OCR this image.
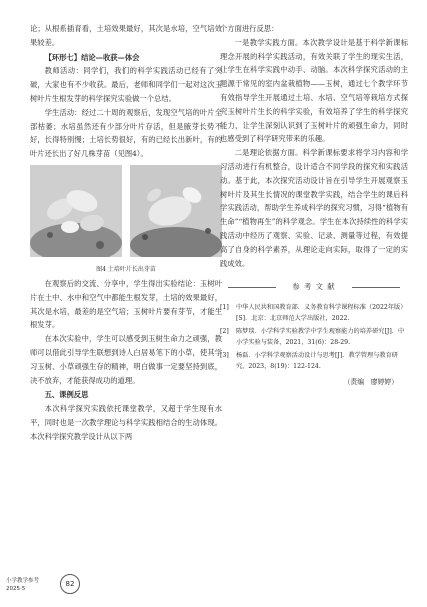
论；从根系插育看，土培效果最好，其次是水培，空气培效果较差。

【环形七】结论—收获—体会

教师活动：同学们，我们的科学实践活动已经有了突破，大家也有不少收获。最后，老师和同学们一起对这次玉树叶片生根发芽的科学探究实验做一个总结。

学生活动：经过二十周的观察后，发现空气培的叶片全部枯萎；水培虽然还有少部分叶片存活，但是腋芽长势不好，长得特别慢；土培长势很好，有的已经长出新叶，有的叶片还长出了好几株芽苗（见图4）。

图4 土培叶片长出芽苗

在观察后的交流、分享中，学生得出实验结论：玉树叶片在土中、水中和空气中都能生根发芽，土培的效果最好，其次是水培，最差的是空气培；玉树叶片要有芽节，才能生根发芽。

在本次实验中，学生可以感受到玉树生命力之顽强，教师可以借此引导学生联想到诗人白居易笔下的小草，使其学习玉树、小草顽强生存的精神，明白做事一定要坚持到底，决不放弃，才能获得成功的道理。

五、课例反思

本次科学探究实践依托课堂教学，又超于学生现有水平，同时也是一次教学理论与科学实践相结合的生动体现。本次科学探究教学设计从以下两

个方面进行反思：

一是教学实践方面。本次教学设计是基于科学新课标理念开展的科学实践活动，有效关联了学生的现实生活，让学生在科学实践中动手、动脑。本次科学探究活动的主题源于常见的室内盆栽植物——玉树，通过七个教学环节有效指导学生开展通过土培、水培、空气培等栽培方式探究玉树叶片生长的科学实验，有效培养了学生的科学探究能力，让学生深刻认识到了玉树叶片的顽强生命力，同时也感受到了科学研究带来的乐趣。

二是理论依据方面。科学新课标要求将学习内容和学习活动进行有机整合，设计适合不同学段的探究和实践活动。基于此，本次探究活动设计旨在引导学生开展观察玉树叶片及其生长情况的课堂教学实践，结合学生的课后科学实践活动，帮助学生养成科学的探究习惯，习得“植物有生命”“植物再生”的科学观念。学生在本次持续性的科学实践活动中经历了观察、实验、记录、测量等过程，有效提高了自身的科学素养，从理论走向实际，取得了一定的实践成效。

参 考 文 献
[1] 中华人民共和国教育部．义务教育科学课程标准（2022年版）[S]．北京：北京师范大学出版社，2022.
[2] 陈梦琰．小学科学实验教学中学生观察能力的培养研究[J]．中小学实验与装备，2021，31(6)：28-29.
[3] 杨磊．小学科学观察活动设计与思考[J]．教学管理与教育研究，2023，8(19)：122-124.
（责编　廖婷婷）
小学教学参考
2025·5
82
